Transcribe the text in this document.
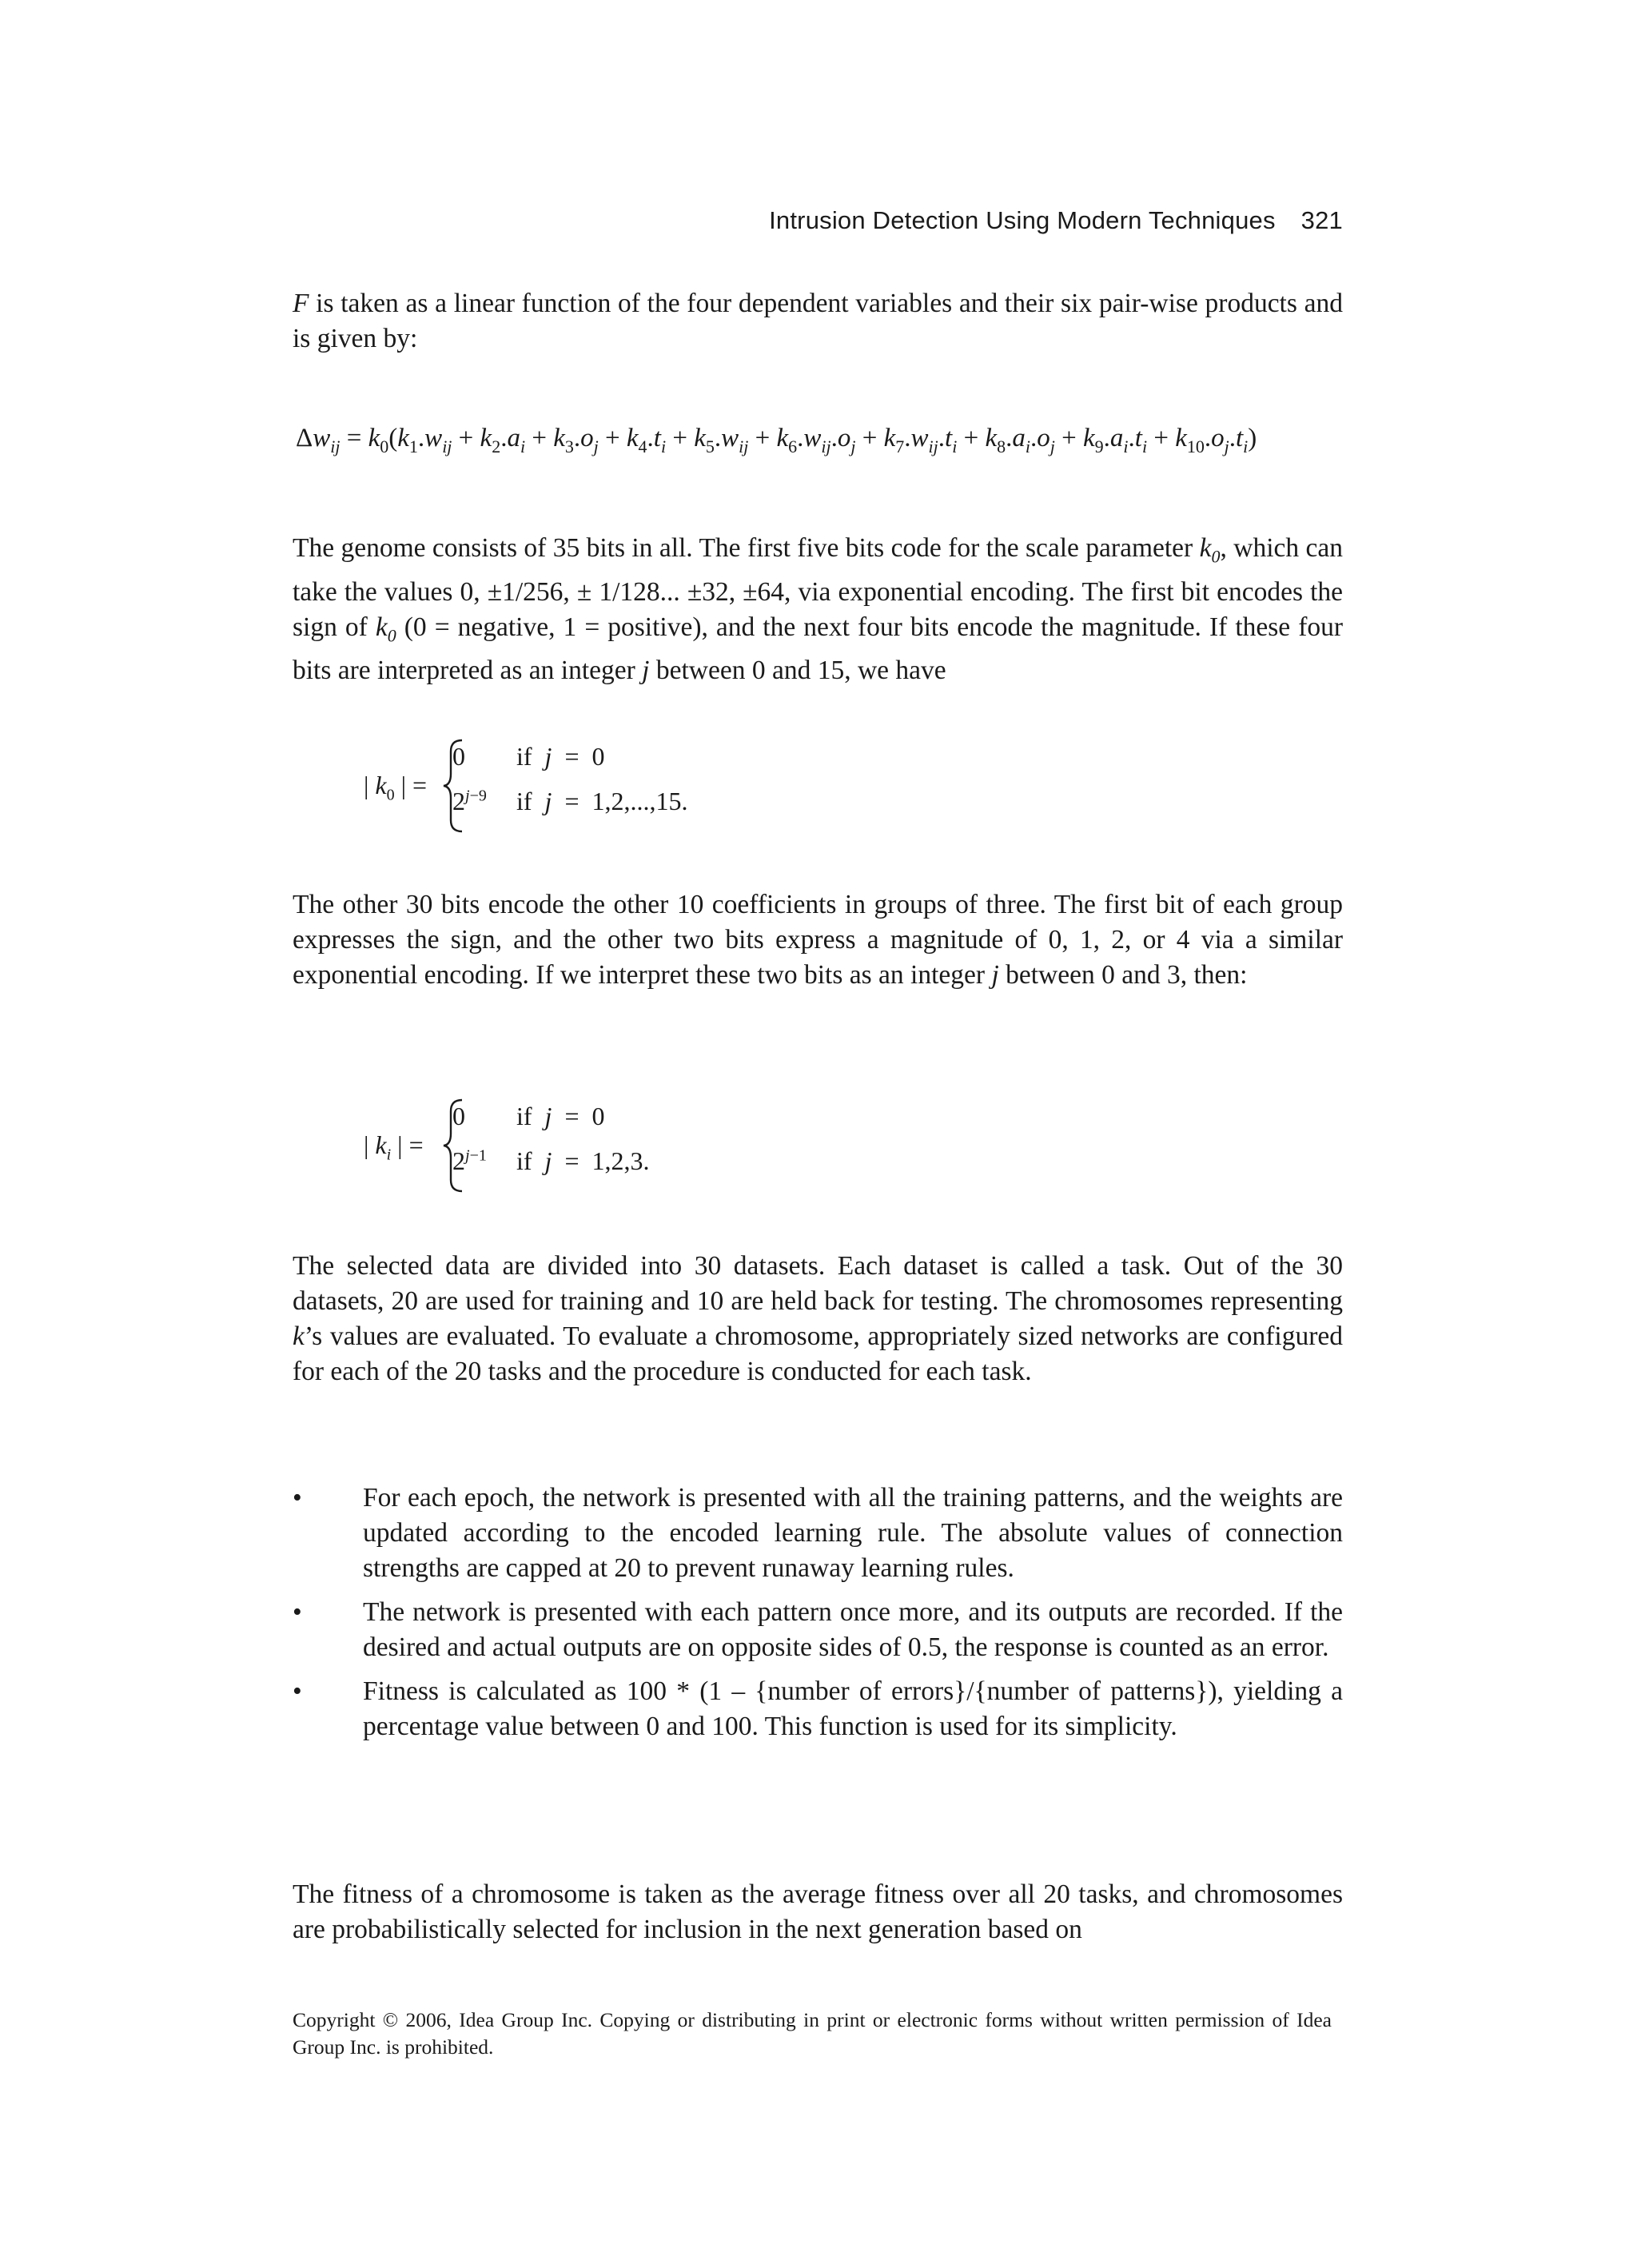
Intrusion Detection Using Modern Techniques 321

F is taken as a linear function of the four dependent variables and their six pair-wise products and is given by:

$\Delta w_{ij} = k_0(k_1.w_{ij} + k_2.a_i + k_3.o_j + k_4.t_i + k_5.w_{ij} + k_6.w_{ij}.o_j + k_7.w_{ij}.t_i + k_8.a_i.o_j + k_9.a_i.t_i + k_{10}.o_j.t_i)$

The genome consists of 35 bits in all. The first five bits code for the scale parameter $k_0$, which can take the values 0, ±1/256, ± 1/128... ±32, ±64, via exponential encoding. The first bit encodes the sign of $k_0$ (0 = negative, 1 = positive), and the next four bits encode the magnitude. If these four bits are interpreted as an integer j between 0 and 15, we have

| $k_0$ | =
0 if  j  =  0
$2^{j-9}$ if  j  =  1,2,...,15.

The other 30 bits encode the other 10 coefficients in groups of three. The first bit of each group expresses the sign, and the other two bits express a magnitude of 0, 1, 2, or 4 via a similar exponential encoding. If we interpret these two bits as an integer j between 0 and 3, then:

| $k_i$ | =
0 if  j  =  0
$2^{j-1}$ if  j  =  1,2,3.

The selected data are divided into 30 datasets. Each dataset is called a task. Out of the 30 datasets, 20 are used for training and 10 are held back for testing. The chromosomes representing k’s values are evaluated. To evaluate a chromosome, appropriately sized networks are configured for each of the 20 tasks and the procedure is conducted for each task.

• For each epoch, the network is presented with all the training patterns, and the weights are updated according to the encoded learning rule. The absolute values of connection strengths are capped at 20 to prevent runaway learning rules.
• The network is presented with each pattern once more, and its outputs are recorded. If the desired and actual outputs are on opposite sides of 0.5, the response is counted as an error.
• Fitness is calculated as 100 * (1 – {number of errors}/{number of patterns}), yielding a percentage value between 0 and 100. This function is used for its simplicity.

The fitness of a chromosome is taken as the average fitness over all 20 tasks, and chromosomes are probabilistically selected for inclusion in the next generation based on

Copyright © 2006, Idea Group Inc. Copying or distributing in print or electronic forms without written permission of Idea Group Inc. is prohibited.
